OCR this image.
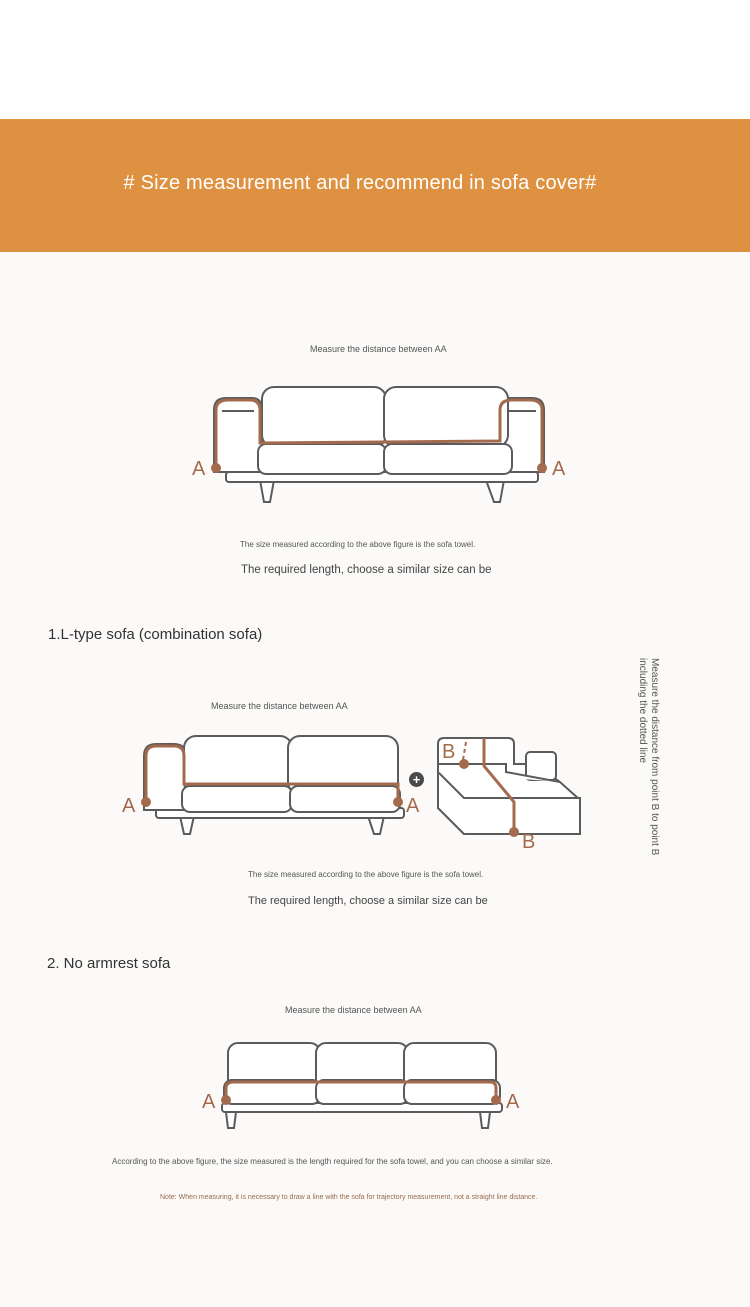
# Size measurement and recommend in sofa cover#
Measure the distance between AA
A	A
The size measured according to the above figure is the sofa towel.
The required length, choose a similar size can be
1.L-type sofa (combination sofa)
Measure the distance between AA	Measure the distance from point B to point B including the dotted line
A	A
+
B
B
The size measured according to the above figure is the sofa towel.
The required length, choose a similar size can be
2. No armrest sofa
Measure the distance between AA
A	A
According to the above figure, the size measured is the length required for the sofa towel, and you can choose a similar size.
Note: When measuring, it is necessary to draw a line with the sofa for trajectory measurement, not a straight line distance.
